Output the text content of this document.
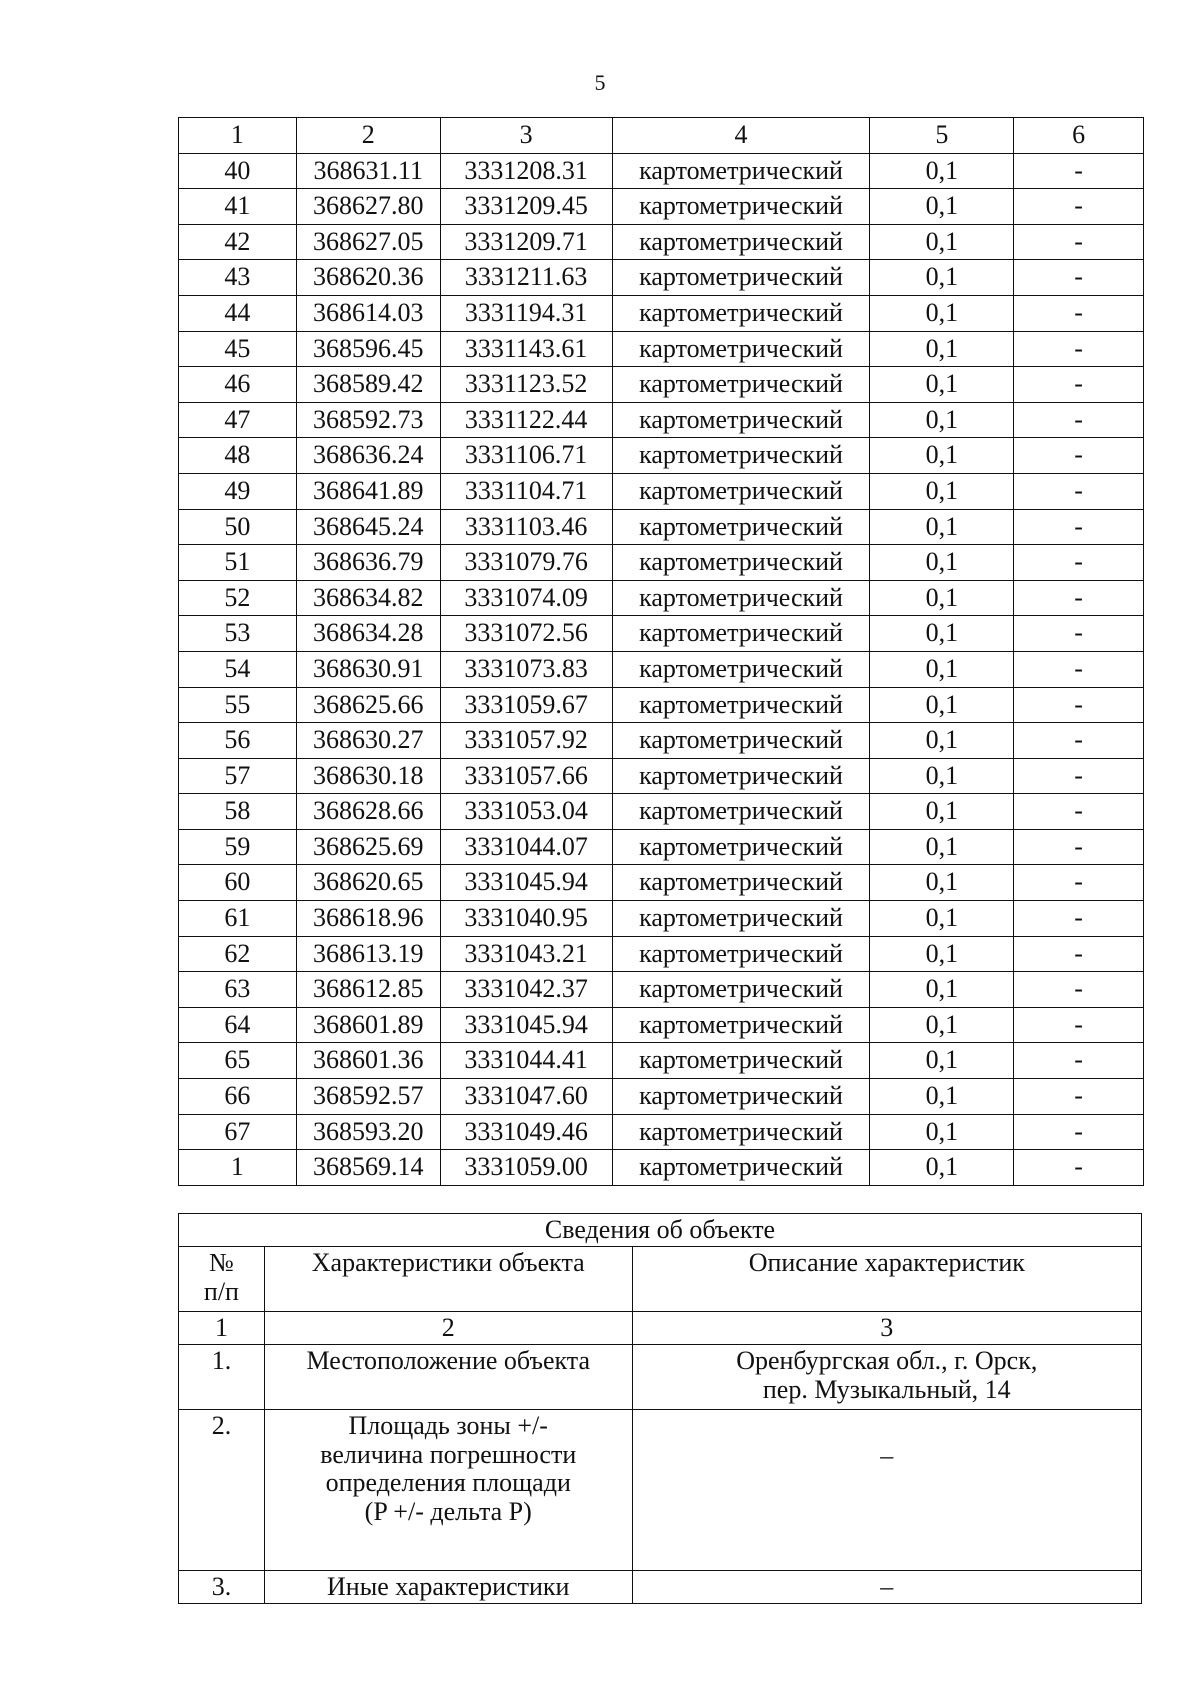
5
1	2	3	4	5	6
40	368631.11	3331208.31	картометрический	0,1	-
41	368627.80	3331209.45	картометрический	0,1	-
42	368627.05	3331209.71	картометрический	0,1	-
43	368620.36	3331211.63	картометрический	0,1	-
44	368614.03	3331194.31	картометрический	0,1	-
45	368596.45	3331143.61	картометрический	0,1	-
46	368589.42	3331123.52	картометрический	0,1	-
47	368592.73	3331122.44	картометрический	0,1	-
48	368636.24	3331106.71	картометрический	0,1	-
49	368641.89	3331104.71	картометрический	0,1	-
50	368645.24	3331103.46	картометрический	0,1	-
51	368636.79	3331079.76	картометрический	0,1	-
52	368634.82	3331074.09	картометрический	0,1	-
53	368634.28	3331072.56	картометрический	0,1	-
54	368630.91	3331073.83	картометрический	0,1	-
55	368625.66	3331059.67	картометрический	0,1	-
56	368630.27	3331057.92	картометрический	0,1	-
57	368630.18	3331057.66	картометрический	0,1	-
58	368628.66	3331053.04	картометрический	0,1	-
59	368625.69	3331044.07	картометрический	0,1	-
60	368620.65	3331045.94	картометрический	0,1	-
61	368618.96	3331040.95	картометрический	0,1	-
62	368613.19	3331043.21	картометрический	0,1	-
63	368612.85	3331042.37	картометрический	0,1	-
64	368601.89	3331045.94	картометрический	0,1	-
65	368601.36	3331044.41	картометрический	0,1	-
66	368592.57	3331047.60	картометрический	0,1	-
67	368593.20	3331049.46	картометрический	0,1	-
1	368569.14	3331059.00	картометрический	0,1	-
Сведения об объекте		

№
п/п	Характеристики объекта	Описание характеристик
1	2	3
1.	Местоположение объекта	Оренбургская обл., г. Орск,
пер. Музыкальный, 14

2.	Площадь зоны +/-
величина погрешности
определения площади
(P +/- дельта P)	–
3.	Иные характеристики	–
